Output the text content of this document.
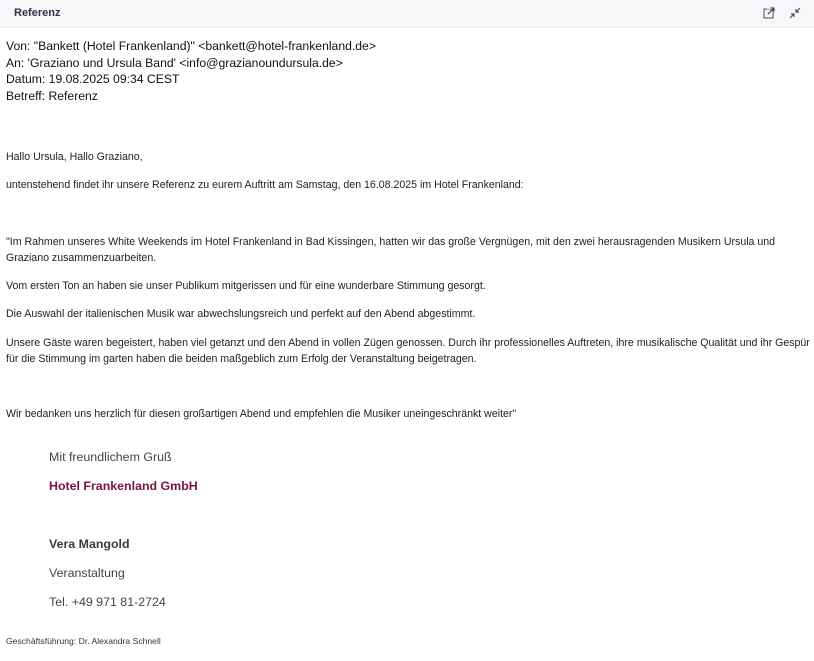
Referenz
Von: "Bankett (Hotel Frankenland)" <bankett@hotel-frankenland.de>
An: 'Graziano und Ursula Band' <info@grazianoundursula.de>
Datum: 19.08.2025 09:34 CEST
Betreff: Referenz
Hallo Ursula, Hallo Graziano,
untenstehend findet ihr unsere Referenz zu eurem Auftritt am Samstag, den 16.08.2025 im Hotel Frankenland:
"Im Rahmen unseres White Weekends im Hotel Frankenland in Bad Kissingen, hatten wir das große Vergnügen, mit den zwei herausragenden Musikern Ursula und Graziano zusammenzuarbeiten.
Vom ersten Ton an haben sie unser Publikum mitgerissen und für eine wunderbare Stimmung gesorgt.
Die Auswahl der italienischen Musik war abwechslungsreich und perfekt auf den Abend abgestimmt.
Unsere Gäste waren begeistert, haben viel getanzt und den Abend in vollen Zügen genossen. Durch ihr professionelles Auftreten, ihre musikalische Qualität und ihr Gespür für die Stimmung im garten haben die beiden maßgeblich zum Erfolg der Veranstaltung beigetragen.
Wir bedanken uns herzlich für diesen großartigen Abend und empfehlen die Musiker uneingeschränkt weiter"
Mit freundlichem Gruß
Hotel Frankenland GmbH
Vera Mangold
Veranstaltung
Tel. +49 971 81-2724
Geschäftsführung: Dr. Alexandra Schnell
